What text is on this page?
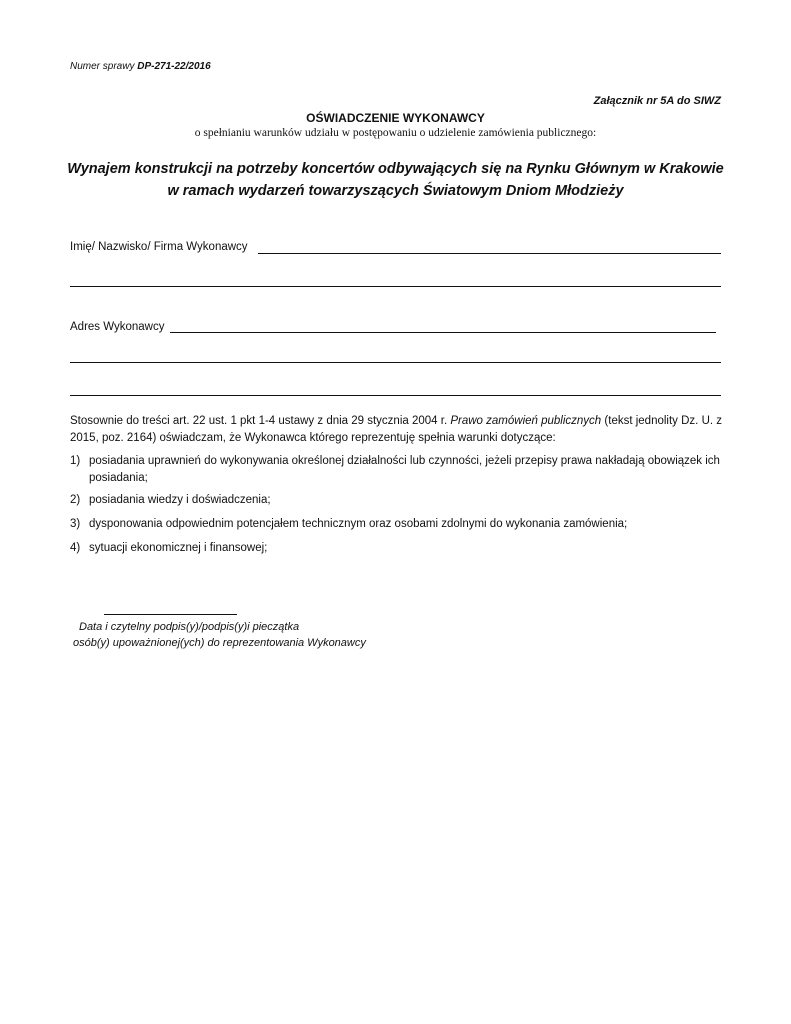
Numer sprawy DP-271-22/2016
Załącznik nr 5A do SIWZ
OŚWIADCZENIE WYKONAWCY
o spełnianiu warunków udziału w postępowaniu o udzielenie zamówienia publicznego:
Wynajem konstrukcji na potrzeby koncertów odbywających się na Rynku Głównym w Krakowie
w ramach wydarzeń towarzyszących Światowym Dniom Młodzieży
Imię/ Nazwisko/ Firma Wykonawcy
Adres Wykonawcy
Stosownie do treści art. 22 ust. 1 pkt 1-4 ustawy z dnia 29 stycznia 2004 r. Prawo zamówień publicznych (tekst jednolity Dz. U. z 2015, poz. 2164) oświadczam, że Wykonawca którego reprezentuję spełnia warunki dotyczące:
1) posiadania uprawnień do wykonywania określonej działalności lub czynności, jeżeli przepisy prawa nakładają obowiązek ich posiadania;
2) posiadania wiedzy i doświadczenia;
3) dysponowania odpowiednim potencjałem technicznym oraz osobami zdolnymi do wykonania zamówienia;
4) sytuacji ekonomicznej i finansowej;
Data i czytelny podpis(y)/podpis(y)i pieczątka
osób(y) upoważnionej(ych) do reprezentowania Wykonawcy
